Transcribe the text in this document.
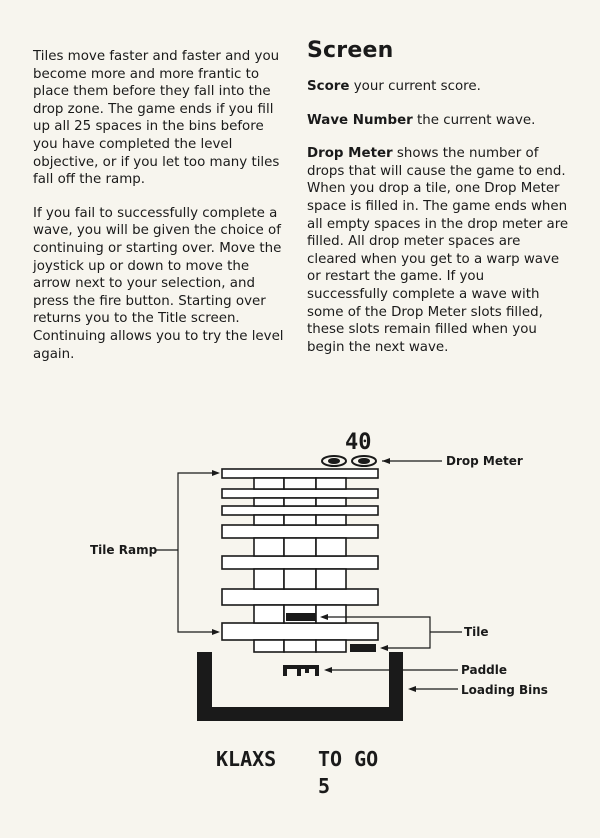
Tiles move faster and faster and you become more and more frantic to place them before they fall into the drop zone. The game ends if you fill up all 25 spaces in the bins before you have completed the level objective, or if you let too many tiles fall off the ramp.

If you fail to successfully complete a wave, you will be given the choice of continuing or starting over. Move the joystick up or down to move the arrow next to your selection, and press the fire button. Starting over returns you to the Title screen. Continuing allows you to try the level again.

Screen

Score your current score.

Wave Number the current wave.

Drop Meter shows the number of drops that will cause the game to end. When you drop a tile, one Drop Meter space is filled in. The game ends when all empty spaces in the drop meter are filled. All drop meter spaces are cleared when you get to a warp wave or restart the game. If you successfully complete a wave with some of the Drop Meter slots filled, these slots remain filled when you begin the next wave.

40
Drop Meter
Tile Ramp
Tile
Paddle
Loading Bins
KLAXS TO GO
5
